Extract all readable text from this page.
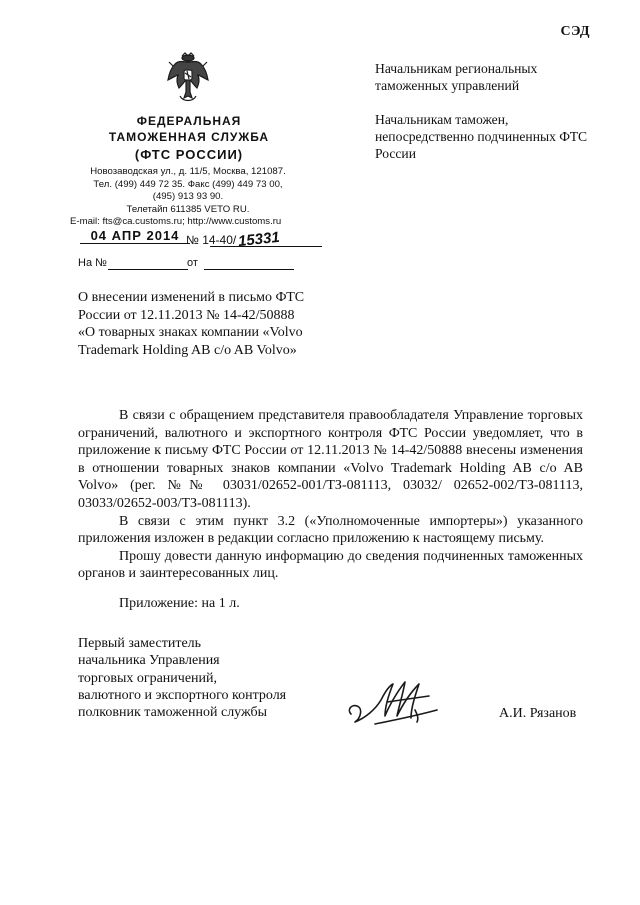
СЭД
ФЕДЕРАЛЬНАЯ
ТАМОЖЕННАЯ СЛУЖБА
(ФТС РОССИИ)
Новозаводская ул., д. 11/5, Москва, 121087.
Тел. (499) 449 72 35. Факс (499) 449 73 00,
(495) 913 93 90.
Телетайп 611385 VETO RU.
E-mail: fts@ca.customs.ru; http://www.customs.ru
04 АПР 2014 № 14-40/15331
На №	от
Начальникам региональных таможенных управлений
Начальникам таможен, непосредственно подчиненных ФТС России
О внесении изменений в письмо ФТС России от 12.11.2013 № 14-42/50888 «О товарных знаках компании «Volvo Trademark Holding AB c/o AB Volvo»

В связи с обращением представителя правообладателя Управление торговых ограничений, валютного и экспортного контроля ФТС России уведомляет, что в приложение к письму ФТС России от 12.11.2013 № 14-42/50888 внесены изменения в отношении товарных знаков компании «Volvo Trademark Holding AB c/o AB Volvo» (рег. №№ 03031/02652-001/ТЗ-081113, 03032/ 02652-002/ТЗ-081113, 03033/02652-003/ТЗ-081113).

В связи с этим пункт 3.2 («Уполномоченные импортеры») указанного приложения изложен в редакции согласно приложению к настоящему письму.

Прошу довести данную информацию до сведения подчиненных таможенных органов и заинтересованных лиц.

Приложение: на 1 л.
Первый заместитель
начальника Управления
торговых ограничений,
валютного и экспортного контроля
полковник таможенной службы	А.И. Рязанов
